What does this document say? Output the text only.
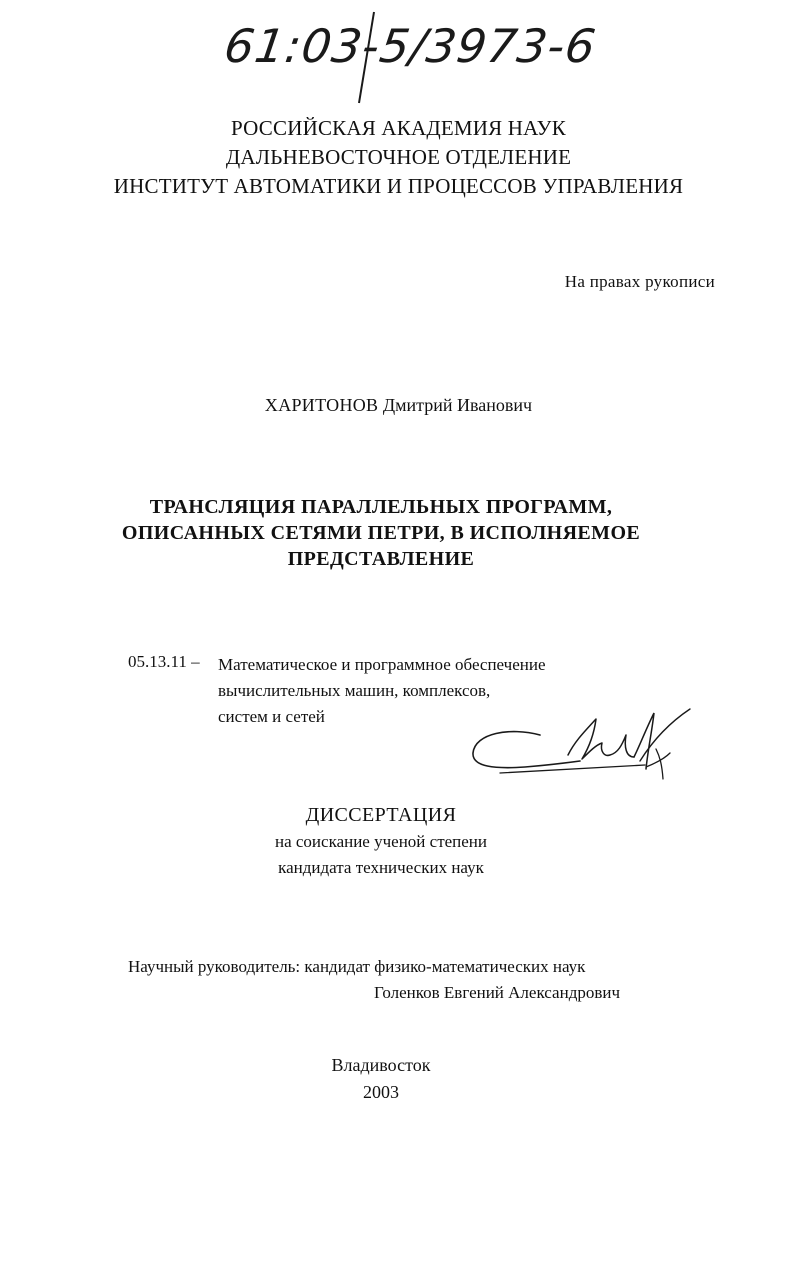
61:03-5/3973-6
РОССИЙСКАЯ АКАДЕМИЯ НАУК
ДАЛЬНЕВОСТОЧНОЕ ОТДЕЛЕНИЕ
ИНСТИТУТ АВТОМАТИКИ И ПРОЦЕССОВ УПРАВЛЕНИЯ
На правах рукописи
ХАРИТОНОВ Дмитрий Иванович
ТРАНСЛЯЦИЯ ПАРАЛЛЕЛЬНЫХ ПРОГРАММ,
ОПИСАННЫХ СЕТЯМИ ПЕТРИ, В ИСПОЛНЯЕМОЕ
ПРЕДСТАВЛЕНИЕ
05.13.11 – Математическое и программное обеспечение
вычислительных машин, комплексов,
систем и сетей
ДИССЕРТАЦИЯ
на соискание ученой степени
кандидата технических наук
Научный руководитель: кандидат физико-математических наук
Голенков Евгений Александрович
Владивосток
2003
